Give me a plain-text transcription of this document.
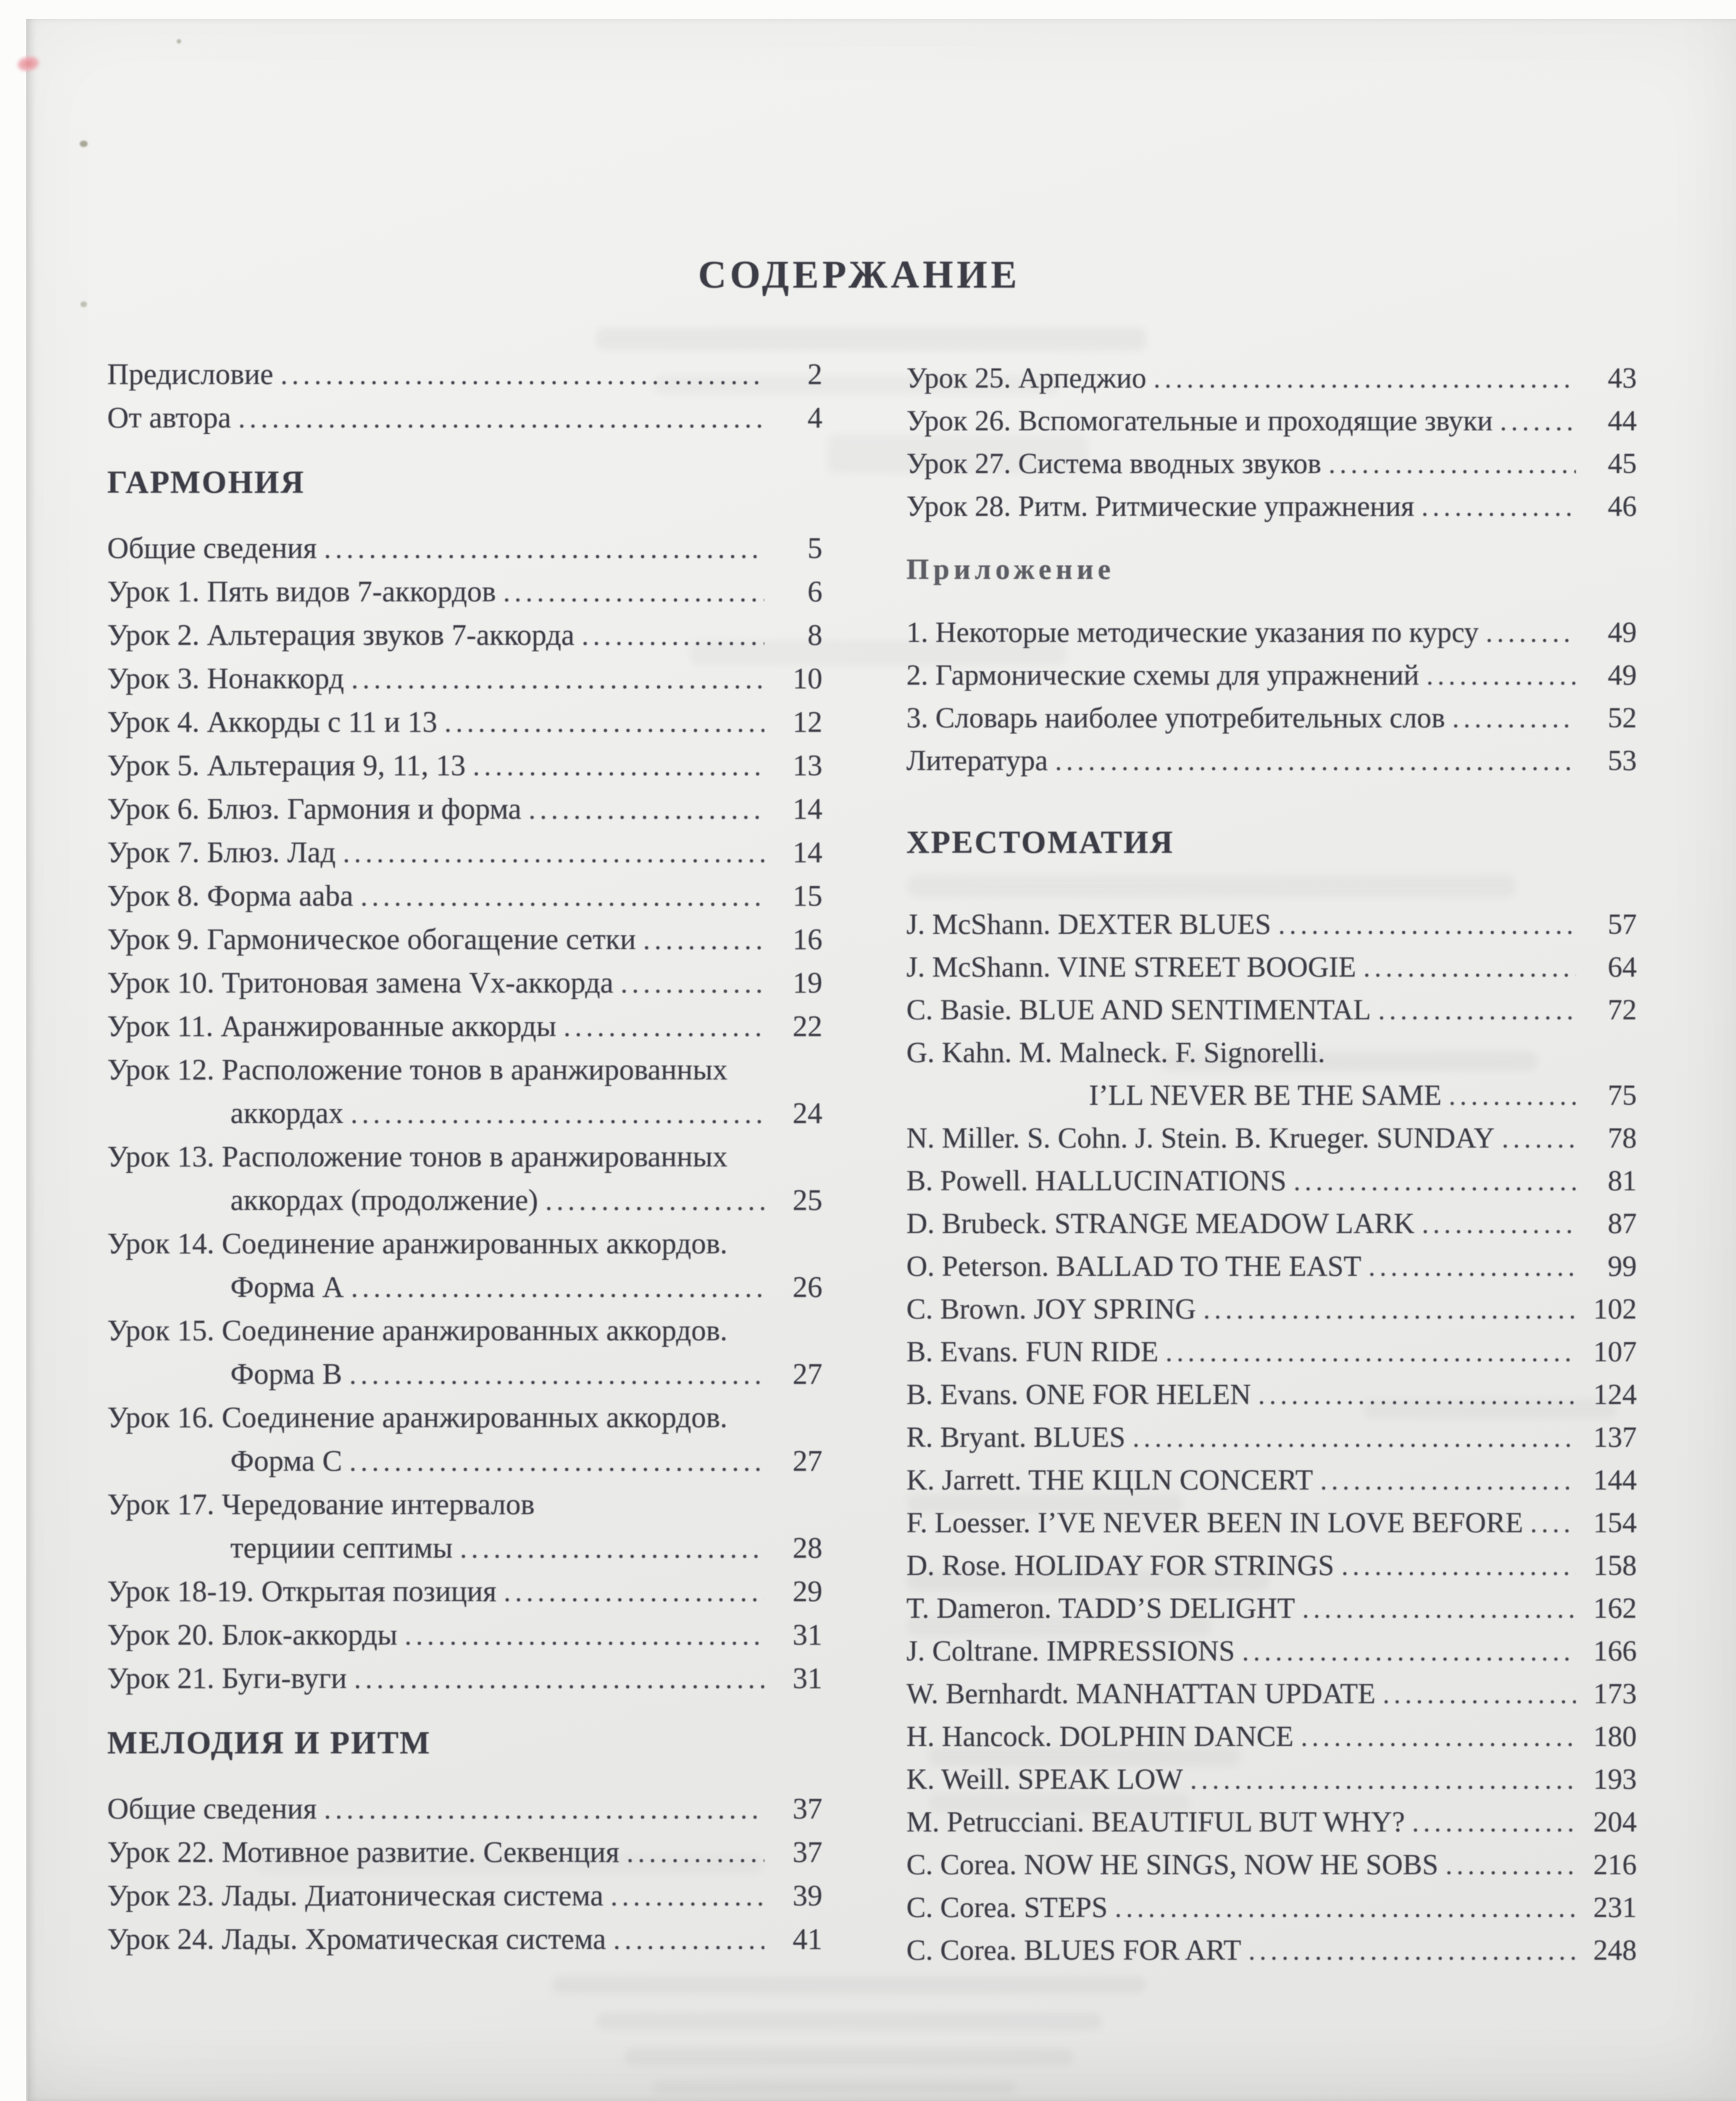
СОДЕРЖАНИЕ
Предисловие .....	2
От автора .....	4
ГАРМОНИЯ
Общие сведения .....	5
Урок 1. Пять видов 7-аккордов .....	6
Урок 2. Альтерация звуков 7-аккорда .....	8
Урок 3. Нонаккорд .....	10
Урок 4. Аккорды с 11 и 13 .....	12
Урок 5. Альтерация 9, 11, 13 .....	13
Урок 6. Блюз. Гармония и форма .....	14
Урок 7. Блюз. Лад .....	14
Урок 8. Форма aaba .....	15
Урок 9. Гармоническое обогащение сетки .....	16
Урок 10. Тритоновая замена Vx-аккорда .....	19
Урок 11. Аранжированные аккорды .....	22
Урок 12. Расположение тонов в аранжированных
аккордах .....	24
Урок 13. Расположение тонов в аранжированных
аккордах (продолжение) .....	25
Урок 14. Соединение аранжированных аккордов.
Форма A .....	26
Урок 15. Соединение аранжированных аккордов.
Форма B .....	27
Урок 16. Соединение аранжированных аккордов.
Форма C .....	27
Урок 17. Чередование интервалов
терциии септимы .....	28
Урок 18-19. Открытая позиция .....	29
Урок 20. Блок-аккорды .....	31
Урок 21. Буги-вуги .....	31
МЕЛОДИЯ И РИТМ
Общие сведения .....	37
Урок 22. Мотивное развитие. Секвенция .....	37
Урок 23. Лады. Диатоническая система .....	39
Урок 24. Лады. Хроматическая система .....	41
Урок 25. Арпеджио .....	43
Урок 26. Вспомогательные и проходящие звуки .....	44
Урок 27. Система вводных звуков .....	45
Урок 28. Ритм. Ритмические упражнения .....	46
Приложение
1. Некоторые методические указания по курсу .....	49
2. Гармонические схемы для упражнений .....	49
3. Словарь наиболее употребительных слов .....	52
Литература .....	53
ХРЕСТОМАТИЯ
J. McShann. DEXTER BLUES .....	57
J. McShann. VINE STREET BOOGIE .....	64
C. Basie. BLUE AND SENTIMENTAL .....	72
G. Kahn. M. Malneck. F. Signorelli.
I’LL NEVER BE THE SAME .....	75
N. Miller. S. Cohn. J. Stein. B. Krueger. SUNDAY .....	78
B. Powell. HALLUCINATIONS .....	81
D. Brubeck. STRANGE MEADOW LARK .....	87
O. Peterson. BALLAD TO THE EAST .....	99
C. Brown. JOY SPRING .....	102
B. Evans. FUN RIDE .....	107
B. Evans. ONE FOR HELEN .....	124
R. Bryant. BLUES .....	137
K. Jarrett. THE KЦLN CONCERT .....	144
F. Loesser. I’VE NEVER BEEN IN LOVE BEFORE .....	154
D. Rose. HOLIDAY FOR STRINGS .....	158
T. Dameron. TADD’S DELIGHT .....	162
J. Coltrane. IMPRESSIONS .....	166
W. Bernhardt. MANHATTAN UPDATE .....	173
H. Hancock. DOLPHIN DANCE .....	180
K. Weill. SPEAK LOW .....	193
M. Petrucciani. BEAUTIFUL BUT WHY? .....	204
C. Corea. NOW HE SINGS, NOW HE SOBS .....	216
C. Corea. STEPS .....	231
C. Corea. BLUES FOR ART .....	248
